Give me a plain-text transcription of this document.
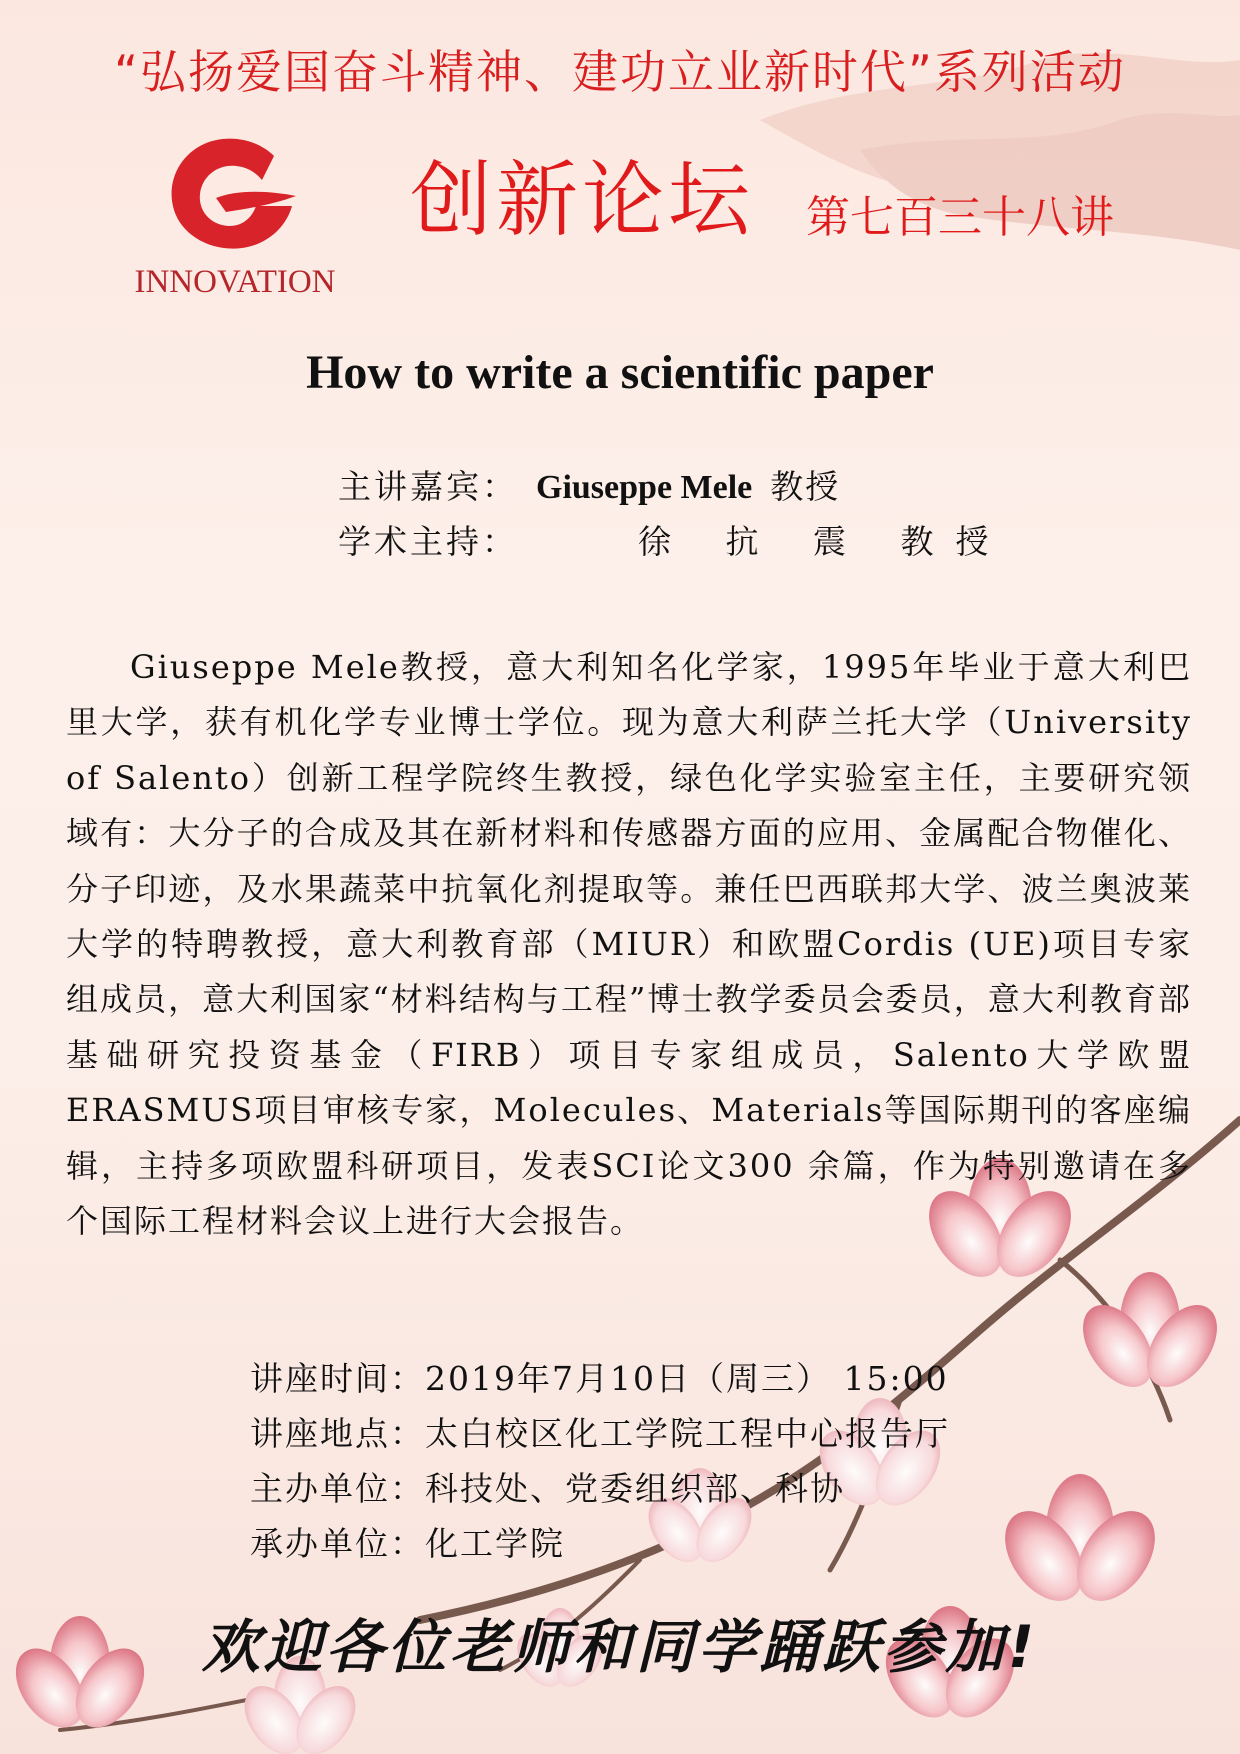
“弘扬爱国奋斗精神、建功立业新时代”系列活动
INNOVATION
创新论坛 第七百三十八讲
How to write a scientific paper
主讲嘉宾： Giuseppe Mele 教授
学术主持：	徐 抗 震 教授
Giuseppe Mele教授，意大利知名化学家，1995年毕业于意大利巴里大学，获有机化学专业博士学位。现为意大利萨兰托大学（University of Salento）创新工程学院终生教授，绿色化学实验室主任，主要研究领域有：大分子的合成及其在新材料和传感器方面的应用、金属配合物催化、分子印迹，及水果蔬菜中抗氧化剂提取等。兼任巴西联邦大学、波兰奥波莱大学的特聘教授，意大利教育部（MIUR）和欧盟Cordis (UE)项目专家组成员，意大利国家“材料结构与工程”博士教学委员会委员，意大利教育部基础研究投资基金（FIRB）项目专家组成员，Salento大学欧盟ERASMUS项目审核专家，Molecules、Materials等国际期刊的客座编辑，主持多项欧盟科研项目，发表SCI论文300 余篇，作为特别邀请在多个国际工程材料会议上进行大会报告。
讲座时间：2019年7月10日（周三） 15:00
讲座地点：太白校区化工学院工程中心报告厅
主办单位：科技处、党委组织部、科协
承办单位：化工学院
欢迎各位老师和同学踊跃参加!
